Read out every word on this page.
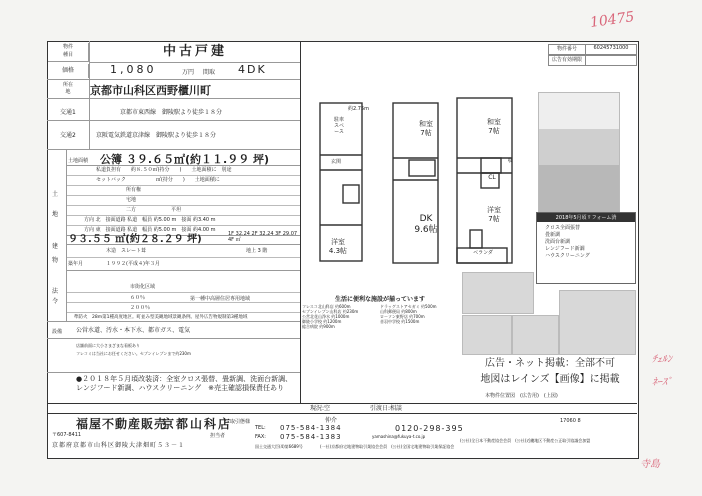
10475
ﾁｪﾙﾝ
ﾈｰｽﾞ
寺島
物件
種目	中古戸建
価格	1,080	万円 間取 4DK
所在
地	京都市山科区西野櫃川町
交通1	京都市東西線　御陵駅より徒歩１８分
交通2	京阪電気鉄道京津線　御陵駅より徒歩１８分
土地
土地面積 公簿 ３９.６５㎡(約１１.９９ 坪)
私道負担有　　約８.５０㎡(持分　　)　　土地面積に　別途
セットバック　　　　　　㎡(持分　　)　　土地面積に
所有権
宅地
二方　　　　　　　平坦
方向 北　接面道路 私道　幅員 約5.00 m　接面 約3.40 m
方向 東　接面道路 私道　幅員 約5.00 m　接面 約4.00 m
建物
９３.５５ ㎡(約２８.２９ 坪)	1F 32.24 2F 32.24 3F 29.07 4F ㎡
木造　スレート葺	地上 3 階
築年月	１９９２(平成４)年３月
法令
市街化区域
６０％
２００％
第一種中高層住居専用地域
準防火　28m第1種高度地区。町並み型美観地域景観条例。屋外広告物規制第3種地域
設備 公営水道、汚水・本下水、都市ガス、電気
店舗前面に大小さまざまな看板あり
フレコミは当社にお任せください。セブンイレブンまで約230m
●２０１８年５月頃改装済：全室クロス張替、畳新調、洗面台新調、レンジフード新調、ハウスクリーニング　※売主確認損保責任あり
物件番号	60245731000
広告有効期限
駐車スペース
玄関
洋室
4.3帖
和室
7帖
DK
9.6帖
和室
7帖
洋室
7帖
CL
ベランダ
収
約2.75m
2018年5月頃リフォーム済
クロス全面張替
畳新調
洗面台新調
レンジフード新調
ハウスクリーニング
生活に便利な施設が揃っています
フレスコ北山科店 約600m	ドラッグストアセガミ 約500m
セブンイレブン山科店 約230m	山科郵便局 約800m
公営北花山浄水 約1000m	ローソン東野店 約700m
御陵小学校 約1200m	音羽中学校 約1500m
総合病院 約900m
広告・ネット掲載：全部不可
地図はレインズ【画像】に掲載
本物件位置図　(広告用)　(上図)
現況:空	引渡日:相談
福屋不動産販売
京都山科店
〒607-8411
京都府京都市山科区御陵大津畑町５３－１
取引態様	仲介
担当者
TEL: 075-584-1384
FAX: 075-584-1383
0120-298-395
yamashina@fukuya-t.co.jp
国土交通大臣(4)第6689号
(公社)全日本不動産協会会員　(公社)近畿地区不動産公正取引協議会加盟
(一社)京都府宅地建物取引業協会会員　(公社)全国宅地建物取引業保証協会
17060 8
